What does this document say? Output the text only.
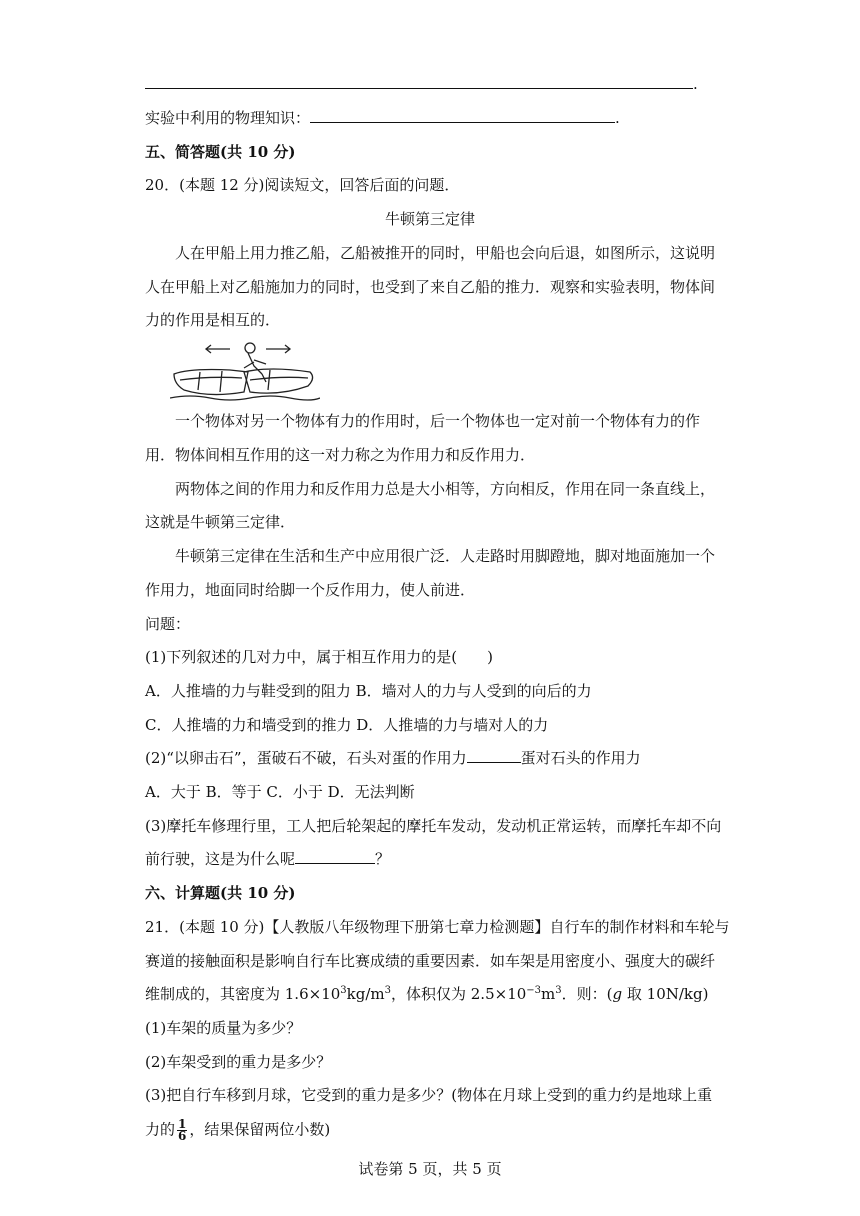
.
实验中利用的物理知识：	.
五、简答题(共 10 分)
20．(本题 12 分)阅读短文，回答后面的问题．
牛顿第三定律
人在甲船上用力推乙船，乙船被推开的同时，甲船也会向后退，如图所示，这说明
人在甲船上对乙船施加力的同时，也受到了来自乙船的推力．观察和实验表明，物体间
力的作用是相互的．
一个物体对另一个物体有力的作用时，后一个物体也一定对前一个物体有力的作
用．物体间相互作用的这一对力称之为作用力和反作用力．
两物体之间的作用力和反作用力总是大小相等，方向相反，作用在同一条直线上，
这就是牛顿第三定律．
牛顿第三定律在生活和生产中应用很广泛．人走路时用脚蹬地，脚对地面施加一个
作用力，地面同时给脚一个反作用力，使人前进．
问题：
(1)下列叙述的几对力中，属于相互作用力的是(　　)
A．人推墙的力与鞋受到的阻力 B．墙对人的力与人受到的向后的力
C．人推墙的力和墙受到的推力 D．人推墙的力与墙对人的力
(2)“以卵击石”，蛋破石不破，石头对蛋的作用力	蛋对石头的作用力
A．大于 B．等于 C．小于 D．无法判断
(3)摩托车修理行里，工人把后轮架起的摩托车发动，发动机正常运转，而摩托车却不向
前行驶，这是为什么呢	？
六、计算题(共 10 分)
21．(本题 10 分)【人教版八年级物理下册第七章力检测题】自行车的制作材料和车轮与
赛道的接触面积是影响自行车比赛成绩的重要因素．如车架是用密度小、强度大的碳纤
维制成的，其密度为 $1.6\times 10^3kg/m^3$，体积仅为 $2.5\times 10^{-3}m^3$．则：(g 取 10N/kg)
(1)车架的质量为多少？
(2)车架受到的重力是多少？
(3)把自行车移到月球，它受到的重力是多少？(物体在月球上受到的重力约是地球上重
力的 $\frac{1}{6}$ ，结果保留两位小数)
试卷第 5 页，共 5 页
